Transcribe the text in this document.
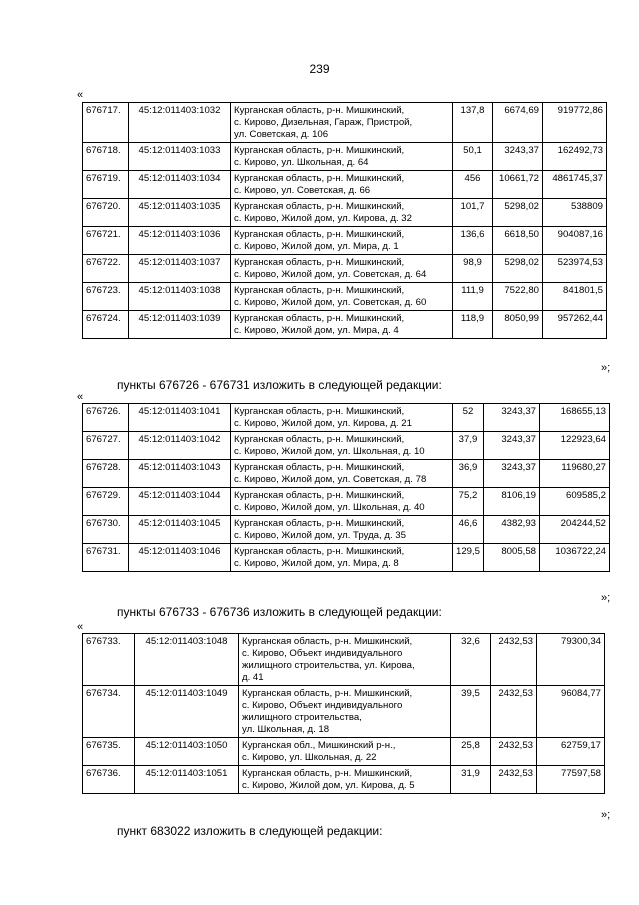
239
«
676717.	45:12:011403:1032	Курганская область, р-н. Мишкинский,
с. Кирово, Дизельная, Гараж, Пристрой,
ул. Советская, д. 106	137,8	6674,69	919772,86
676718.	45:12:011403:1033	Курганская область, р-н. Мишкинский,
с. Кирово, ул. Школьная, д. 64	50,1	3243,37	162492,73
676719.	45:12:011403:1034	Курганская область, р-н. Мишкинский,
с. Кирово, ул. Советская, д. 66	456	10661,72	4861745,37
676720.	45:12:011403:1035	Курганская область, р-н. Мишкинский,
с. Кирово, Жилой дом, ул. Кирова, д. 32	101,7	5298,02	538809
676721.	45:12:011403:1036	Курганская область, р-н. Мишкинский,
с. Кирово, Жилой дом, ул. Мира, д. 1	136,6	6618,50	904087,16
676722.	45:12:011403:1037	Курганская область, р-н. Мишкинский,
с. Кирово, Жилой дом, ул. Советская, д. 64	98,9	5298,02	523974,53
676723.	45:12:011403:1038	Курганская область, р-н. Мишкинский,
с. Кирово, Жилой дом, ул. Советская, д. 60	111,9	7522,80	841801,5
676724.	45:12:011403:1039	Курганская область, р-н. Мишкинский,
с. Кирово, Жилой дом, ул. Мира, д. 4	118,9	8050,99	957262,44
»;
пункты 676726 - 676731 изложить в следующей редакции:
«
676726.	45:12:011403:1041	Курганская область, р-н. Мишкинский,
с. Кирово, Жилой дом, ул. Кирова, д. 21	52	3243,37	168655,13
676727.	45:12:011403:1042	Курганская область, р-н. Мишкинский,
с. Кирово, Жилой дом, ул. Школьная, д. 10	37,9	3243,37	122923,64
676728.	45:12:011403:1043	Курганская область, р-н. Мишкинский,
с. Кирово, Жилой дом, ул. Советская, д. 78	36,9	3243,37	119680,27
676729.	45:12:011403:1044	Курганская область, р-н. Мишкинский,
с. Кирово, Жилой дом, ул. Школьная, д. 40	75,2	8106,19	609585,2
676730.	45:12:011403:1045	Курганская область, р-н. Мишкинский,
с. Кирово, Жилой дом, ул. Труда, д. 35	46,6	4382,93	204244,52
676731.	45:12:011403:1046	Курганская область, р-н. Мишкинский,
с. Кирово, Жилой дом, ул. Мира, д. 8	129,5	8005,58	1036722,24
»;
пункты 676733 - 676736 изложить в следующей редакции:
«
676733.	45:12:011403:1048	Курганская область, р-н. Мишкинский,
с. Кирово, Объект индивидуального
жилищного строительства, ул. Кирова,
д. 41	32,6	2432,53	79300,34
676734.	45:12:011403:1049	Курганская область, р-н. Мишкинский,
с. Кирово, Объект индивидуального
жилищного строительства,
ул. Школьная, д. 18	39,5	2432,53	96084,77
676735.	45:12:011403:1050	Курганская обл., Мишкинский р-н.,
с. Кирово, ул. Школьная, д. 22	25,8	2432,53	62759,17
676736.	45:12:011403:1051	Курганская область, р-н. Мишкинский,
с. Кирово, Жилой дом, ул. Кирова, д. 5	31,9	2432,53	77597,58
»;
пункт 683022 изложить в следующей редакции:
